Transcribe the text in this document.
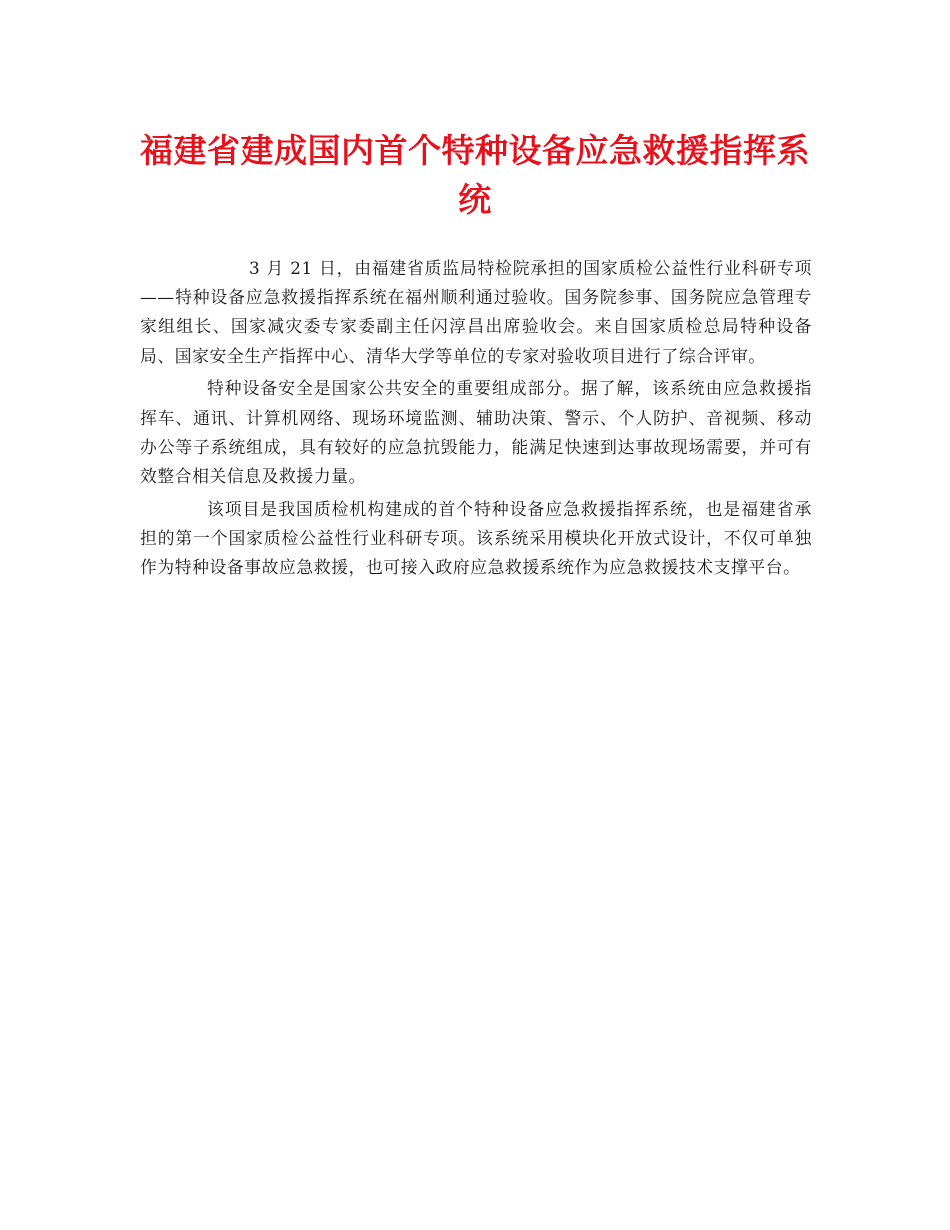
福建省建成国内首个特种设备应急救援指挥系统

3 月 21 日，由福建省质监局特检院承担的国家质检公益性行业科研专项——特种设备应急救援指挥系统在福州顺利通过验收。国务院参事、国务院应急管理专家组组长、国家减灾委专家委副主任闪淳昌出席验收会。来自国家质检总局特种设备局、国家安全生产指挥中心、清华大学等单位的专家对验收项目进行了综合评审。

特种设备安全是国家公共安全的重要组成部分。据了解，该系统由应急救援指挥车、通讯、计算机网络、现场环境监测、辅助决策、警示、个人防护、音视频、移动办公等子系统组成，具有较好的应急抗毁能力，能满足快速到达事故现场需要，并可有效整合相关信息及救援力量。

该项目是我国质检机构建成的首个特种设备应急救援指挥系统，也是福建省承担的第一个国家质检公益性行业科研专项。该系统采用模块化开放式设计，不仅可单独作为特种设备事故应急救援，也可接入政府应急救援系统作为应急救援技术支撑平台。
